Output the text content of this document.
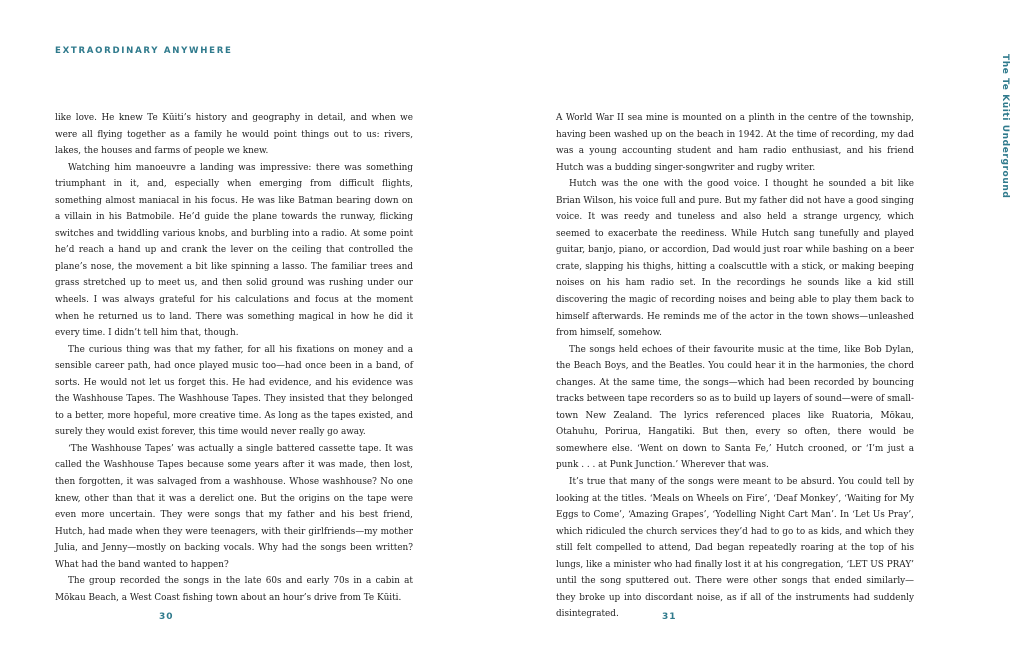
EXTRAORDINARY ANYWHERE
The Te Kūiti Underground

like love. He knew Te Kūiti’s history and geography in detail, and when we were all flying together as a family he would point things out to us: rivers, lakes, the houses and farms of people we knew.

Watching him manoeuvre a landing was impressive: there was something triumphant in it, and, especially when emerging from difficult flights, something almost maniacal in his focus. He was like Batman bearing down on a villain in his Batmobile. He’d guide the plane towards the runway, flicking switches and twiddling various knobs, and burbling into a radio. At some point he’d reach a hand up and crank the lever on the ceiling that controlled the plane’s nose, the movement a bit like spinning a lasso. The familiar trees and grass stretched up to meet us, and then solid ground was rushing under our wheels. I was always grateful for his calculations and focus at the moment when he returned us to land. There was something magical in how he did it every time. I didn’t tell him that, though.

The curious thing was that my father, for all his fixations on money and a sensible career path, had once played music too—had once been in a band, of sorts. He would not let us forget this. He had evidence, and his evidence was the Washhouse Tapes. The Washhouse Tapes. They insisted that they belonged to a better, more hopeful, more creative time. As long as the tapes existed, and surely they would exist forever, this time would never really go away.

‘The Washhouse Tapes’ was actually a single battered cassette tape. It was called the Washhouse Tapes because some years after it was made, then lost, then forgotten, it was salvaged from a washhouse. Whose washhouse? No one knew, other than that it was a derelict one. But the origins on the tape were even more uncertain. They were songs that my father and his best friend, Hutch, had made when they were teenagers, with their girlfriends—my mother Julia, and Jenny—mostly on backing vocals. Why had the songs been written? What had the band wanted to happen?

The group recorded the songs in the late 60s and early 70s in a cabin at Mōkau Beach, a West Coast fishing town about an hour’s drive from Te Kūiti.

A World War II sea mine is mounted on a plinth in the centre of the township, having been washed up on the beach in 1942. At the time of recording, my dad was a young accounting student and ham radio enthusiast, and his friend Hutch was a budding singer-songwriter and rugby writer.

Hutch was the one with the good voice. I thought he sounded a bit like Brian Wilson, his voice full and pure. But my father did not have a good singing voice. It was reedy and tuneless and also held a strange urgency, which seemed to exacerbate the reediness. While Hutch sang tunefully and played guitar, banjo, piano, or accordion, Dad would just roar while bashing on a beer crate, slapping his thighs, hitting a coalscuttle with a stick, or making beeping noises on his ham radio set. In the recordings he sounds like a kid still discovering the magic of recording noises and being able to play them back to himself afterwards. He reminds me of the actor in the town shows—unleashed from himself, somehow.

The songs held echoes of their favourite music at the time, like Bob Dylan, the Beach Boys, and the Beatles. You could hear it in the harmonies, the chord changes. At the same time, the songs—which had been recorded by bouncing tracks between tape recorders so as to build up layers of sound—were of small-town New Zealand. The lyrics referenced places like Ruatoria, Mōkau, Otahuhu, Porirua, Hangatiki. But then, every so often, there would be somewhere else. ‘Went on down to Santa Fe,’ Hutch crooned, or ‘I’m just a punk . . . at Punk Junction.’ Wherever that was.

It’s true that many of the songs were meant to be absurd. You could tell by looking at the titles. ‘Meals on Wheels on Fire’, ‘Deaf Monkey’, ‘Waiting for My Eggs to Come’, ‘Amazing Grapes’, ‘Yodelling Night Cart Man’. In ‘Let Us Pray’, which ridiculed the church services they’d had to go to as kids, and which they still felt compelled to attend, Dad began repeatedly roaring at the top of his lungs, like a minister who had finally lost it at his congregation, ‘LET US PRAY’ until the song sputtered out. There were other songs that ended similarly—they broke up into discordant noise, as if all of the instruments had suddenly disintegrated.

30	31
